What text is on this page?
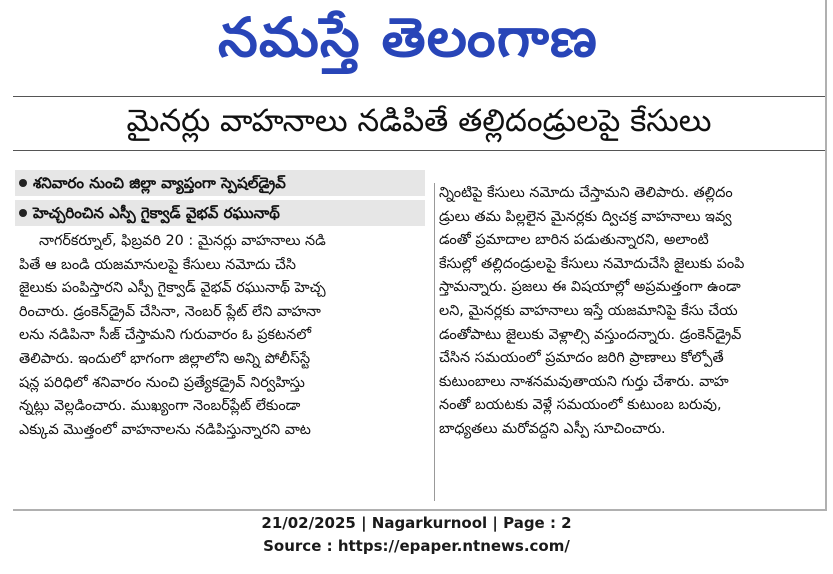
నమస్తే తెలంగాణ
మైనర్లు వాహనాలు నడిపితే తల్లిదండ్రులపై కేసులు
శనివారం నుంచి జిల్లా వ్యాప్తంగా స్పెషల్‌డ్రైవ్
హెచ్చరించిన ఎస్పీ గైక్వాడ్ వైభవ్ రఘునాథ్

నాగర్‌కర్నూల్, ఫిబ్రవరి 20 : మైనర్లు వాహనాలు నడి

పితే ఆ బండి యజమానులపై కేసులు నమోదు చేసి

జైలుకు పంపిస్తారని ఎస్పీ గైక్వాడ్ వైభవ్ రఘునాథ్ హెచ్చ

రించారు. డ్రంకెన్‌డ్రైవ్ చేసినా, నెంబర్ ప్లేట్ లేని వాహనా

లను నడిపినా సీజ్ చేస్తామని గురువారం ఓ ప్రకటనలో

తెలిపారు. ఇందులో భాగంగా జిల్లాలోని అన్ని పోలీస్‌స్టే

షన్ల పరిధిలో శనివారం నుంచి ప్రత్యేకడ్రైవ్ నిర్వహిస్తు

న్నట్లు వెల్లడించారు. ముఖ్యంగా నెంబర్‌ప్లేట్ లేకుండా

ఎక్కువ మొత్తంలో వాహనాలను నడిపిస్తున్నారని వాట

న్నింటిపై కేసులు నమోదు చేస్తామని తెలిపారు. తల్లిదం

డ్రులు తమ పిల్లలైన మైనర్లకు ద్విచక్ర వాహనాలు ఇవ్వ

డంతో ప్రమాదాల బారిన పడుతున్నారని, అలాంటి

కేసుల్లో తల్లిదండ్రులపై కేసులు నమోదుచేసి జైలుకు పంపి

స్తామన్నారు. ప్రజలు ఈ విషయాల్లో అప్రమత్తంగా ఉండా

లని, మైనర్లకు వాహనాలు ఇస్తే యజమానిపై కేసు చేయ

డంతోపాటు జైలుకు వెళ్లాల్సి వస్తుందన్నారు. డ్రంకెన్‌డ్రైవ్

చేసిన సమయంలో ప్రమాదం జరిగి ప్రాణాలు కోల్పోతే

కుటుంబాలు నాశనమవుతాయని గుర్తు చేశారు. వాహ

నంతో బయటకు వెళ్లే సమయంలో కుటుంబ బరువు,

బాధ్యతలు మరోవద్దని ఎస్పీ సూచించారు.

21/02/2025 | Nagarkurnool | Page : 2
Source : https://epaper.ntnews.com/
